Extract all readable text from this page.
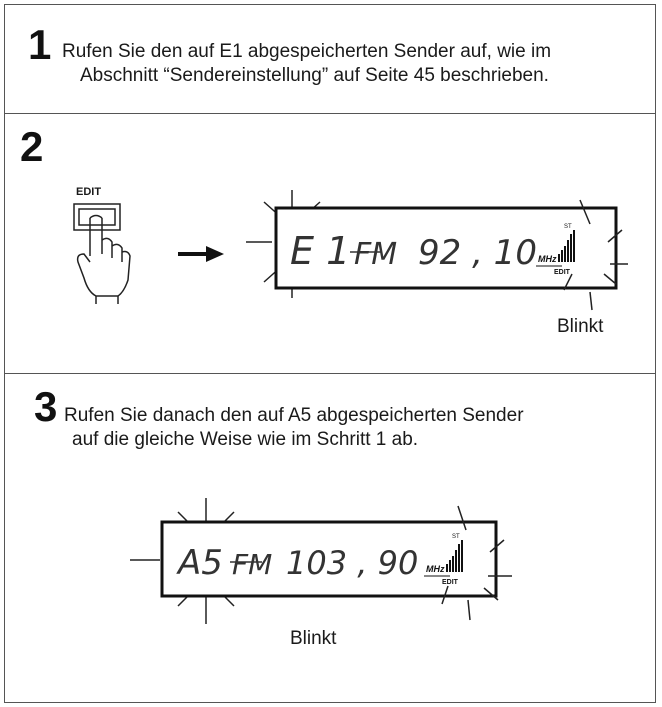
1 Rufen Sie den auf E1 abgespeicherten Sender auf, wie im
Abschnitt “Sendereinstellung” auf Seite 45 beschrieben.
2
EDIT
E 1 FM 92 , 10 MHz
ST
EDIT
Blinkt
3 Rufen Sie danach den auf A5 abgespeicherten Sender
auf die gleiche Weise wie im Schritt 1 ab.
A5 FM 103 , 90 MHz
ST
EDIT
Blinkt
